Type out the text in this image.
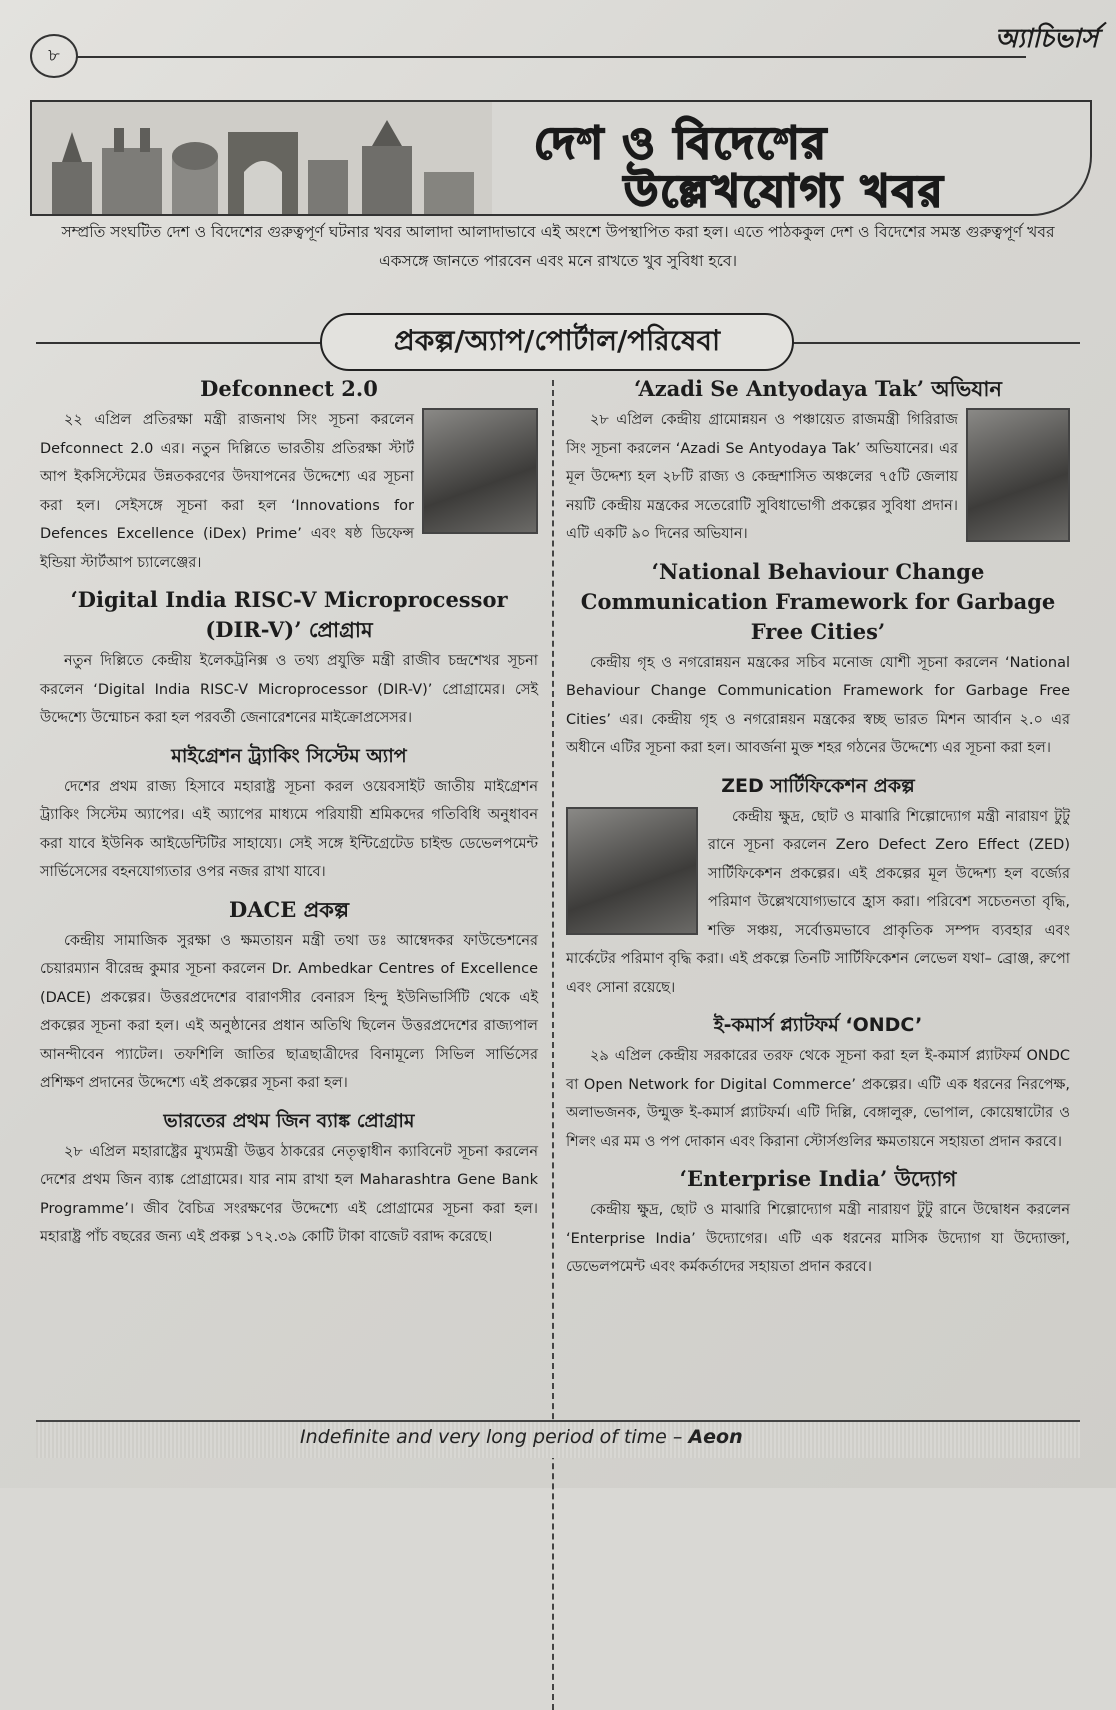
৮
অ্যাচিভার্স
দেশ ও বিদেশের
উল্লেখযোগ্য খবর
সম্প্রতি সংঘটিত দেশ ও বিদেশের গুরুত্বপূর্ণ ঘটনার খবর আলাদা আলাদাভাবে এই অংশে উপস্থাপিত করা হল। এতে পাঠককুল দেশ ও বিদেশের সমস্ত গুরুত্বপূর্ণ খবর একসঙ্গে জানতে পারবেন এবং মনে রাখতে খুব সুবিধা হবে।
প্রকল্প/অ্যাপ/পোর্টাল/পরিষেবা
Defconnect 2.0

২২ এপ্রিল প্রতিরক্ষা মন্ত্রী রাজনাথ সিং সূচনা করলেন Defconnect 2.0 এর। নতুন দিল্লিতে ভারতীয় প্রতিরক্ষা স্টার্ট আপ ইকসিস্টেমের উন্নতকরণের উদযাপনের উদ্দেশ্যে এর সূচনা করা হল। সেইসঙ্গে সূচনা করা হল ‘Innovations for Defences Excellence (iDex) Prime’ এবং ষষ্ঠ ডিফেন্স ইন্ডিয়া স্টার্টআপ চ্যালেঞ্জের।

‘Digital India RISC-V Microprocessor (DIR-V)’ প্রোগ্রাম

নতুন দিল্লিতে কেন্দ্রীয় ইলেকট্রনিক্স ও তথ্য প্রযুক্তি মন্ত্রী রাজীব চন্দ্রশেখর সূচনা করলেন ‘Digital India RISC-V Microprocessor (DIR-V)’ প্রোগ্রামের। সেই উদ্দেশ্যে উন্মোচন করা হল পরবর্তী জেনারেশনের মাইক্রোপ্রসেসর।

মাইগ্রেশন ট্র্যাকিং সিস্টেম অ্যাপ

দেশের প্রথম রাজ্য হিসাবে মহারাষ্ট্র সূচনা করল ওয়েবসাইট জাতীয় মাইগ্রেশন ট্র্যাকিং সিস্টেম অ্যাপের। এই অ্যাপের মাধ্যমে পরিযায়ী শ্রমিকদের গতিবিধি অনুধাবন করা যাবে ইউনিক আইডেন্টিটির সাহায্যে। সেই সঙ্গে ইন্টিগ্রেটেড চাইল্ড ডেভেলপমেন্ট সার্ভিসেসের বহনযোগ্যতার ওপর নজর রাখা যাবে।

DACE প্রকল্প

কেন্দ্রীয় সামাজিক সুরক্ষা ও ক্ষমতায়ন মন্ত্রী তথা ডঃ আম্বেদকর ফাউন্ডেশনের চেয়ারম্যান বীরেন্দ্র কুমার সূচনা করলেন Dr. Ambedkar Centres of Excellence (DACE) প্রকল্পের। উত্তরপ্রদেশের বারাণসীর বেনারস হিন্দু ইউনিভার্সিটি থেকে এই প্রকল্পের সূচনা করা হল। এই অনুষ্ঠানের প্রধান অতিথি ছিলেন উত্তরপ্রদেশের রাজ্যপাল আনন্দীবেন প্যাটেল। তফশিলি জাতির ছাত্রছাত্রীদের বিনামূল্যে সিভিল সার্ভিসের প্রশিক্ষণ প্রদানের উদ্দেশ্যে এই প্রকল্পের সূচনা করা হল।

ভারতের প্রথম জিন ব্যাঙ্ক প্রোগ্রাম

২৮ এপ্রিল মহারাষ্ট্রের মুখ্যমন্ত্রী উদ্ভব ঠাকরের নেতৃত্বাধীন ক্যাবিনেট সূচনা করলেন দেশের প্রথম জিন ব্যাঙ্ক প্রোগ্রামের। যার নাম রাখা হল Maharashtra Gene Bank Programme’। জীব বৈচিত্র সংরক্ষণের উদ্দেশ্যে এই প্রোগ্রামের সূচনা করা হল। মহারাষ্ট্র পাঁচ বছরের জন্য এই প্রকল্প ১৭২.৩৯ কোটি টাকা বাজেট বরাদ্দ করেছে।

‘Azadi Se Antyodaya Tak’ অভিযান

২৮ এপ্রিল কেন্দ্রীয় গ্রামোন্নয়ন ও পঞ্চায়েত রাজমন্ত্রী গিরিরাজ সিং সূচনা করলেন ‘Azadi Se Antyodaya Tak’ অভিযানের। এর মূল উদ্দেশ্য হল ২৮টি রাজ্য ও কেন্দ্রশাসিত অঞ্চলের ৭৫টি জেলায় নয়টি কেন্দ্রীয় মন্ত্রকের সতেরোটি সুবিধাভোগী প্রকল্পের সুবিধা প্রদান। এটি একটি ৯০ দিনের অভিযান।

‘National Behaviour Change Communication Framework for Garbage Free Cities’

কেন্দ্রীয় গৃহ ও নগরোন্নয়ন মন্ত্রকের সচিব মনোজ যোশী সূচনা করলেন ‘National Behaviour Change Communication Framework for Garbage Free Cities’ এর। কেন্দ্রীয় গৃহ ও নগরোন্নয়ন মন্ত্রকের স্বচ্ছ ভারত মিশন আর্বান ২.০ এর অধীনে এটির সূচনা করা হল। আবর্জনা মুক্ত শহর গঠনের উদ্দেশ্যে এর সূচনা করা হল।

ZED সার্টিফিকেশন প্রকল্প

কেন্দ্রীয় ক্ষুদ্র, ছোট ও মাঝারি শিল্পোদ্যোগ মন্ত্রী নারায়ণ টুটু রানে সূচনা করলেন Zero Defect Zero Effect (ZED) সার্টিফিকেশন প্রকল্পের। এই প্রকল্পের মূল উদ্দেশ্য হল বর্জ্যের পরিমাণ উল্লেখযোগ্যভাবে হ্রাস করা। পরিবেশ সচেতনতা বৃদ্ধি, শক্তি সঞ্চয়, সর্বোত্তমভাবে প্রাকৃতিক সম্পদ ব্যবহার এবং মার্কেটের পরিমাণ বৃদ্ধি করা। এই প্রকল্পে তিনটি সার্টিফিকেশন লেভেল যথা– ব্রোঞ্জ, রুপো এবং সোনা রয়েছে।

ই-কমার্স প্ল্যাটফর্ম ‘ONDC’

২৯ এপ্রিল কেন্দ্রীয় সরকারের তরফ থেকে সূচনা করা হল ই-কমার্স প্ল্যাটফর্ম ONDC বা Open Network for Digital Commerce’ প্রকল্পের। এটি এক ধরনের নিরপেক্ষ, অলাভজনক, উন্মুক্ত ই-কমার্স প্ল্যাটফর্ম। এটি দিল্লি, বেঙ্গালুরু, ভোপাল, কোয়েম্বাটোর ও শিলং এর মম ও পপ দোকান এবং কিরানা স্টোর্সগুলির ক্ষমতায়নে সহায়তা প্রদান করবে।

‘Enterprise India’ উদ্যোগ

কেন্দ্রীয় ক্ষুদ্র, ছোট ও মাঝারি শিল্পোদ্যোগ মন্ত্রী নারায়ণ টুটু রানে উদ্বোধন করলেন ‘Enterprise India’ উদ্যোগের। এটি এক ধরনের মাসিক উদ্যোগ যা উদ্যোক্তা, ডেভেলপমেন্ট এবং কর্মকর্তাদের সহায়তা প্রদান করবে।

Indefinite and very long period of time – Aeon
